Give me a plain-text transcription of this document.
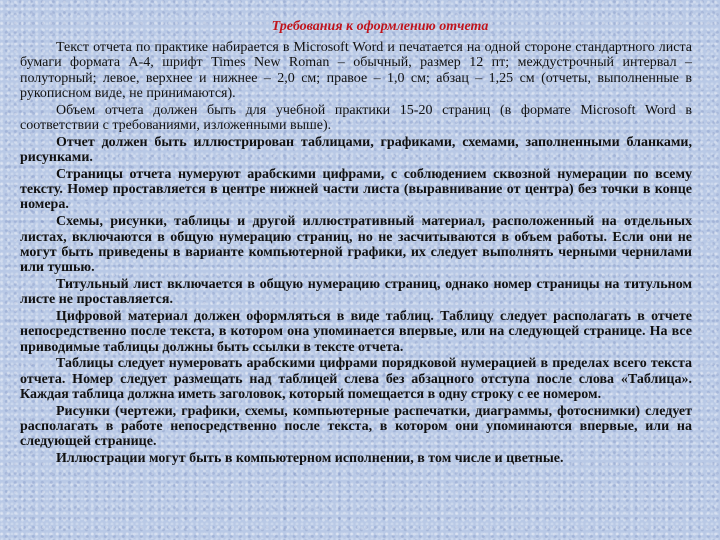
Требования к оформлению отчета

Текст отчета по практике набирается в Microsoft Word и печатается на одной стороне стандартного листа бумаги формата А-4, шрифт Times New Roman – обычный, размер 12 пт; междустрочный интервал – полуторный; левое, верхнее и нижнее – 2,0 см; правое – 1,0 см; абзац – 1,25 см (отчеты, выполненные в рукописном виде, не принимаются).

Объем отчета должен быть для учебной практики 15-20 страниц (в формате Microsoft Word в соответствии с требованиями, изложенными выше).

Отчет должен быть иллюстрирован таблицами, графиками, схемами, заполненными бланками, рисунками.

Страницы отчета нумеруют арабскими цифрами, с соблюдением сквозной нумерации по всему тексту. Номер проставляется в центре нижней части листа (выравнивание от центра) без точки в конце номера.

Схемы, рисунки, таблицы и другой иллюстративный материал, расположенный на отдельных листах, включаются в общую нумерацию страниц, но не засчитываются в объем работы. Если они не могут быть приведены в варианте компьютерной графики, их следует выполнять черными чернилами или тушью.

Титульный лист включается в общую нумерацию страниц, однако номер страницы на титульном листе не проставляется.

Цифровой материал должен оформляться в виде таблиц. Таблицу следует располагать в отчете непосредственно после текста, в котором она упоминается впервые, или на следующей странице. На все приводимые таблицы должны быть ссылки в тексте отчета.

Таблицы следует нумеровать арабскими цифрами порядковой нумерацией в пределах всего текста отчета. Номер следует размещать над таблицей слева без абзацного отступа после слова «Таблица». Каждая таблица должна иметь заголовок, который помещается в одну строку с ее номером.

Рисунки (чертежи, графики, схемы, компьютерные распечатки, диаграммы, фотоснимки) следует располагать в работе непосредственно после текста, в котором они упоминаются впервые, или на следующей странице.

Иллюстрации могут быть в компьютерном исполнении, в том числе и цветные.
